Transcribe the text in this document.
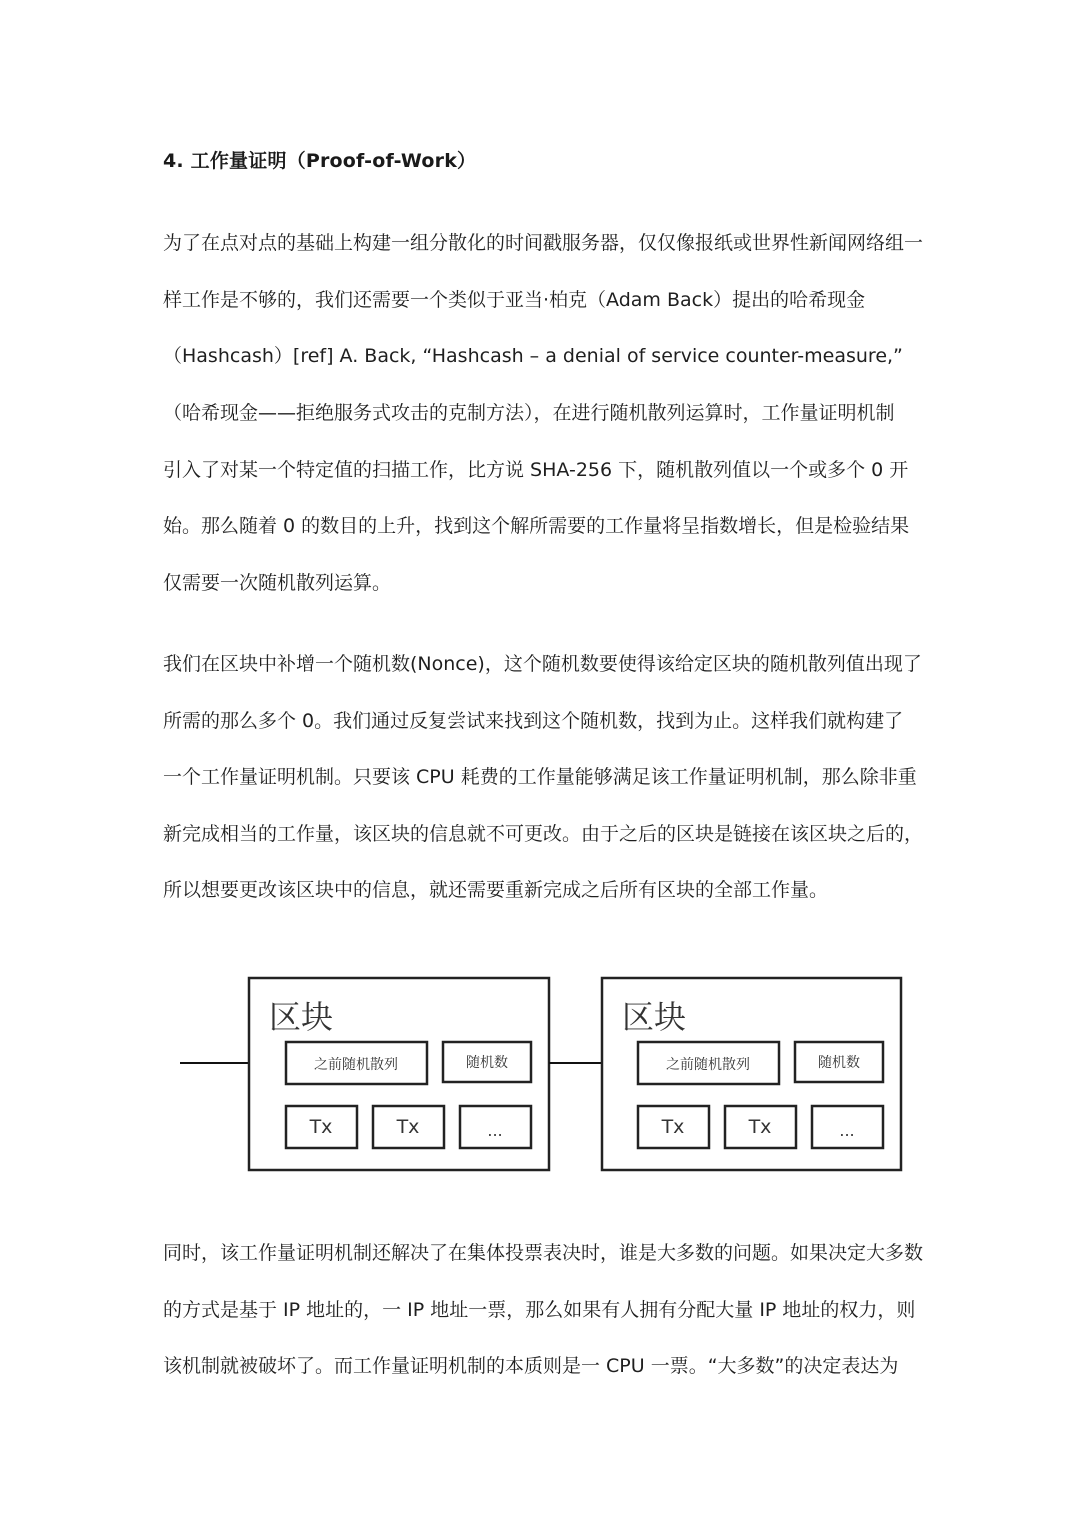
4. 工作量证明（Proof-of-Work）
为了在点对点的基础上构建一组分散化的时间戳服务器，仅仅像报纸或世界性新闻网络组一
样工作是不够的，我们还需要一个类似于亚当·柏克（Adam Back）提出的哈希现金
（Hashcash）[ref] A. Back, “Hashcash – a denial of service counter-measure,”
（哈希现金——拒绝服务式攻击的克制方法），在进行随机散列运算时，工作量证明机制
引入了对某一个特定值的扫描工作，比方说 SHA-256 下，随机散列值以一个或多个 0 开
始。那么随着 0 的数目的上升，找到这个解所需要的工作量将呈指数增长，但是检验结果
仅需要一次随机散列运算。
我们在区块中补增一个随机数(Nonce)，这个随机数要使得该给定区块的随机散列值出现了
所需的那么多个 0。我们通过反复尝试来找到这个随机数，找到为止。这样我们就构建了
一个工作量证明机制。只要该 CPU 耗费的工作量能够满足该工作量证明机制，那么除非重
新完成相当的工作量，该区块的信息就不可更改。由于之后的区块是链接在该区块之后的，
所以想要更改该区块中的信息，就还需要重新完成之后所有区块的全部工作量。
区块
之前随机散列	随机数
Tx	Tx	...
区块
之前随机散列	随机数
Tx	Tx	...
同时，该工作量证明机制还解决了在集体投票表决时，谁是大多数的问题。如果决定大多数
的方式是基于 IP 地址的，一 IP 地址一票，那么如果有人拥有分配大量 IP 地址的权力，则
该机制就被破坏了。而工作量证明机制的本质则是一 CPU 一票。“大多数”的决定表达为
